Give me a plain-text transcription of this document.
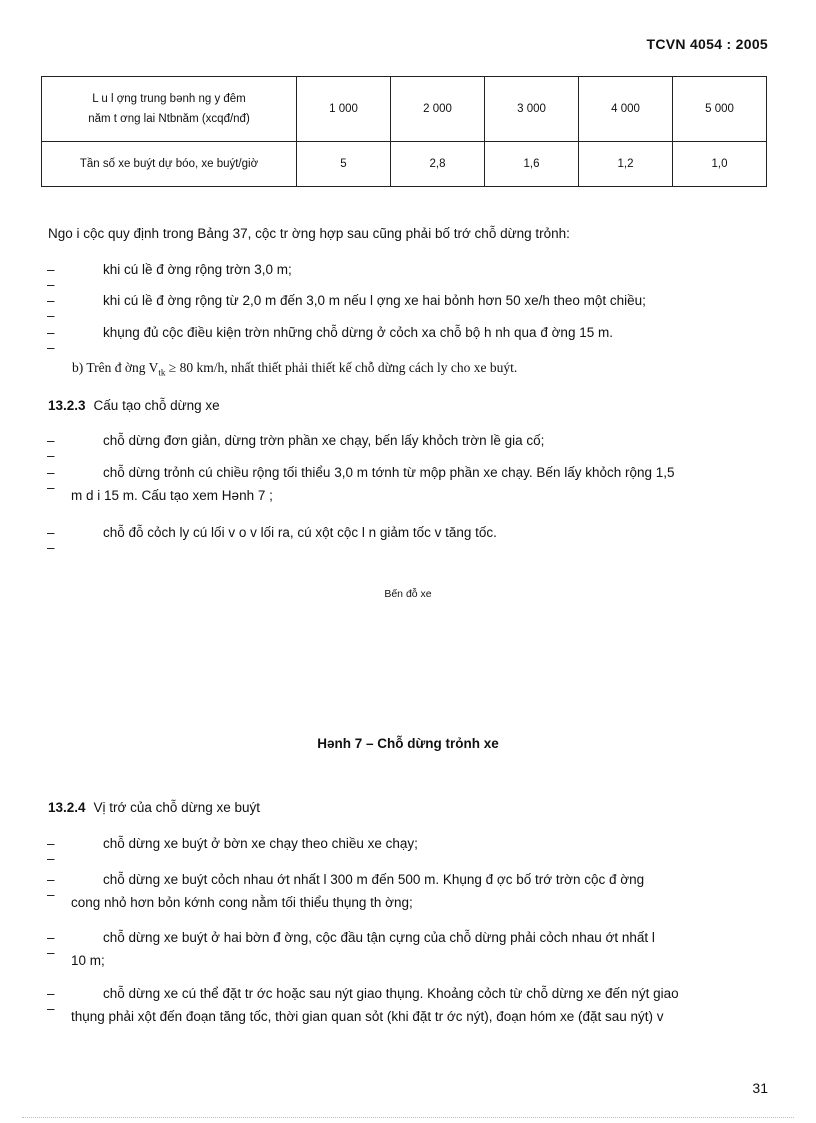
TCVN 4054 : 2005
L u l ợng trung bǝnh ng y đêm
năm t ơng lai Ntbnăm (xcqđ/nđ)	1 000	2 000	3 000	4 000	5 000
Tần số xe buýt dự bóo, xe buýt/giờ	5	2,8	1,6	1,2	1,0
Ngo i cộc quy định trong Bảng 37, cộc tr ờng hợp sau cũng phải bố trớ chỗ dừng trỏnh:
– –
khi cú lề đ ờng rộng trờn 3,0 m;
– –
khi cú lề đ ờng rộng từ 2,0 m đến 3,0 m nếu l ợng xe hai bỏnh hơn 50 xe/h theo một chiều;
– –
khụng đủ cộc điều kiện trờn những chỗ dừng ở cỏch xa chỗ bộ h nh qua đ ờng 15 m.
b) Trên đ ờng $V_{tk} \ge 80$ km/h, nhất thiết phải thiết kế chỗ dừng cách ly cho xe buýt.
13.2.3 Cấu tạo chỗ dừng xe
– –
chỗ dừng đơn giản, dừng trờn phần xe chạy, bến lấy khỏch trờn lề gia cố;
– –
chỗ dừng trỏnh cú chiều rộng tối thiểu 3,0 m tớnh từ mộp phần xe chạy. Bến lấy khỏch rộng 1,5
m d i 15 m. Cấu tạo xem Hǝnh 7 ;
– –
chỗ đỗ cỏch ly cú lối v o v lối ra, cú xột cộc l n giảm tốc v tăng tốc.
Bến đỗ xe
Hǝnh 7 – Chỗ dừng trỏnh xe
13.2.4 Vị trớ của chỗ dừng xe buýt
– –
chỗ dừng xe buýt ở bờn xe chạy theo chiều xe chạy;
– –
chỗ dừng xe buýt cỏch nhau ớt nhất l 300 m đến 500 m. Khụng đ ợc bố trớ trờn cộc đ ờng
cong nhỏ hơn bỏn kớnh cong nằm tối thiểu thụng th ờng;
– –
chỗ dừng xe buýt ở hai bờn đ ờng, cộc đầu tận cựng của chỗ dừng phải cỏch nhau ớt nhất l
10 m;
– –
chỗ dừng xe cú thể đặt tr ớc hoặc sau nýt giao thụng. Khoảng cỏch từ chỗ dừng xe đến nýt giao
thụng phải xột đến đoạn tăng tốc, thời gian quan sỏt (khi đặt tr ớc nýt), đoạn hóm xe (đặt sau nýt) v
31
